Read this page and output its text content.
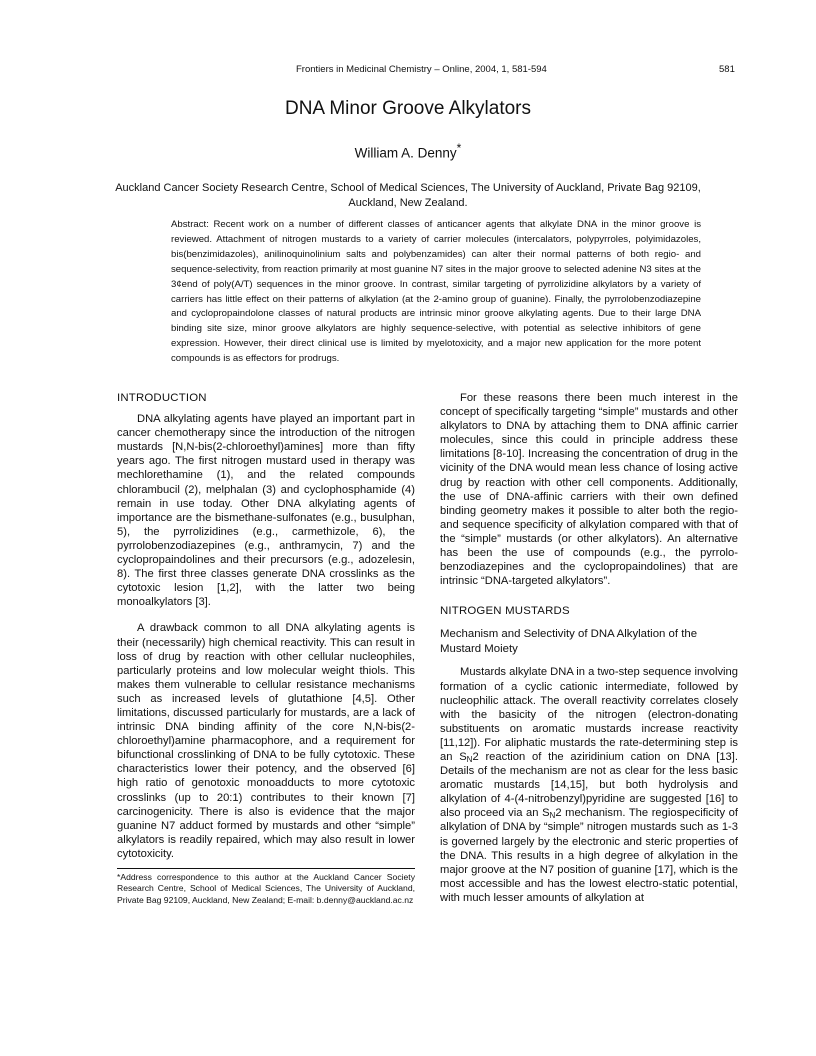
Frontiers in Medicinal Chemistry – Online, 2004, 1, 581-594	581
DNA Minor Groove Alkylators
William A. Denny*
Auckland Cancer Society Research Centre, School of Medical Sciences, The University of Auckland, Private Bag 92109, Auckland, New Zealand.
Abstract: Recent work on a number of different classes of anticancer agents that alkylate DNA in the minor groove is reviewed. Attachment of nitrogen mustards to a variety of carrier molecules (intercalators, polypyrroles, polyimidazoles, bis(benzimidazoles), anilinoquinolinium salts and polybenzamides) can alter their normal patterns of both regio- and sequence-selectivity, from reaction primarily at most guanine N7 sites in the major groove to selected adenine N3 sites at the 3¢end of poly(A/T) sequences in the minor groove. In contrast, similar targeting of pyrrolizidine alkylators by a variety of carriers has little effect on their patterns of alkylation (at the 2-amino group of guanine). Finally, the pyrrolobenzodiazepine and cyclopropaindolone classes of natural products are intrinsic minor groove alkylating agents. Due to their large DNA binding site size, minor groove alkylators are highly sequence-selective, with potential as selective inhibitors of gene expression. However, their direct clinical use is limited by myelotoxicity, and a major new application for the more potent compounds is as effectors for prodrugs.
INTRODUCTION

DNA alkylating agents have played an important part in cancer chemotherapy since the introduction of the nitrogen mustards [N,N-bis(2-chloroethyl)amines] more than fifty years ago. The first nitrogen mustard used in therapy was mechlorethamine (1), and the related compounds chlorambucil (2), melphalan (3) and cyclophosphamide (4) remain in use today. Other DNA alkylating agents of importance are the bismethane-sulfonates (e.g., busulphan, 5), the pyrrolizidines (e.g., carmethizole, 6), the pyrrolobenzodiazepines (e.g., anthramycin, 7) and the cyclopropaindolines and their precursors (e.g., adozelesin, 8). The first three classes generate DNA crosslinks as the cytotoxic lesion [1,2], with the latter two being monoalkylators [3].

A drawback common to all DNA alkylating agents is their (necessarily) high chemical reactivity. This can result in loss of drug by reaction with other cellular nucleophiles, particularly proteins and low molecular weight thiols. This makes them vulnerable to cellular resistance mechanisms such as increased levels of glutathione [4,5]. Other limitations, discussed particularly for mustards, are a lack of intrinsic DNA binding affinity of the core N,N-bis(2-chloroethyl)amine pharmacophore, and a requirement for bifunctional crosslinking of DNA to be fully cytotoxic. These characteristics lower their potency, and the observed [6] high ratio of genotoxic monoadducts to more cytotoxic crosslinks (up to 20:1) contributes to their known [7] carcinogenicity. There is also is evidence that the major guanine N7 adduct formed by mustards and other “simple” alkylators is readily repaired, which may also result in lower cytotoxicity.

*Address correspondence to this author at the Auckland Cancer Society Research Centre, School of Medical Sciences, The University of Auckland, Private Bag 92109, Auckland, New Zealand; E-mail: b.denny@auckland.ac.nz

For these reasons there been much interest in the concept of specifically targeting “simple” mustards and other alkylators to DNA by attaching them to DNA affinic carrier molecules, since this could in principle address these limitations [8-10]. Increasing the concentration of drug in the vicinity of the DNA would mean less chance of losing active drug by reaction with other cell components. Additionally, the use of DNA-affinic carriers with their own defined binding geometry makes it possible to alter both the regio- and sequence specificity of alkylation compared with that of the “simple” mustards (or other alkylators). An alternative has been the use of compounds (e.g., the pyrrolo-benzodiazepines and the cyclopropaindolines) that are intrinsic “DNA-targeted alkylators”.

NITROGEN MUSTARDS
Mechanism and Selectivity of DNA Alkylation of the Mustard Moiety

Mustards alkylate DNA in a two-step sequence involving formation of a cyclic cationic intermediate, followed by nucleophilic attack. The overall reactivity correlates closely with the basicity of the nitrogen (electron-donating substituents on aromatic mustards increase reactivity [11,12]). For aliphatic mustards the rate-determining step is an $S_N2$ reaction of the aziridinium cation on DNA [13]. Details of the mechanism are not as clear for the less basic aromatic mustards [14,15], but both hydrolysis and alkylation of 4-(4-nitrobenzyl)pyridine are suggested [16] to also proceed via an $S_N2$ mechanism. The regiospecificity of alkylation of DNA by “simple” nitrogen mustards such as 1-3 is governed largely by the electronic and steric properties of the DNA. This results in a high degree of alkylation in the major groove at the N7 position of guanine [17], which is the most accessible and has the lowest electro-static potential, with much lesser amounts of alkylation at
